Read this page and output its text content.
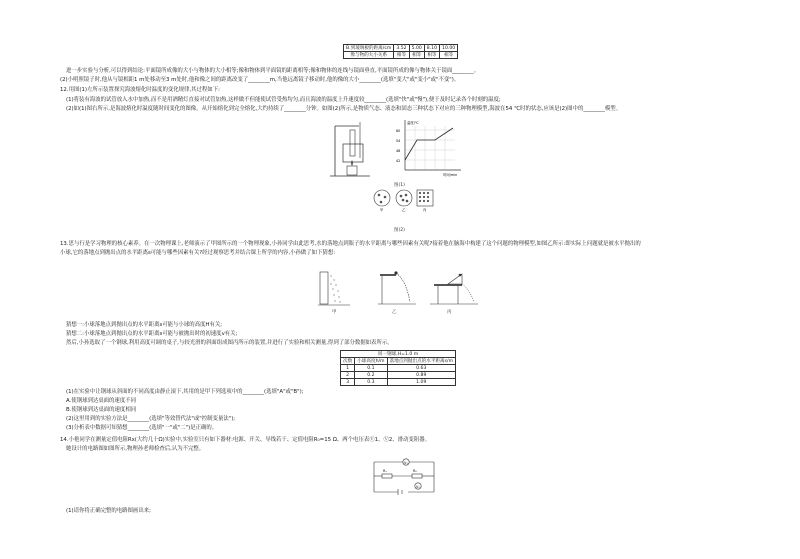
B.到玻璃板的距离/cm	3.52	5.00	8.10	10.00
像与物的大小关系	相等	相等	相等	相等
进一步实验与分析,可以得到结论:平面镜所成像的大小与物体的大小相等;像和物体到平面镜的距离相等;像和物体的连线与镜面垂直,平面镜所成的像与物体关于镜面________。
(2)小明照镜子时,他从与镜相距1 m处移动至3 m处时,他和像之间的距离改变了________m,当他远离镜子移动时,他的像的大小________(选填"变大"或"变小"或"不变")。
12.用图(1)左所示装置探究海波熔化时温度的变化规律,其过程如下:
(1)将装有海波的试管放入水中加热,而不是用酒精灯直接对试管加热,这样做不但能使试管受热均匀,而且海波的温度上升速度较________(选填"快"或"慢"),便于及时记录各个时刻的温度;
(2)如(1)图右所示,是海波熔化时温度随时间变化的图像。从开始熔化到完全熔化,大约持续了________分钟。如图(2)所示,是物质气态、液态和固态三种状态下对应的三种物理模型,海波在54 ℃时的状态,应该是(2)图中的________模型。
60
54
48
42
温度/℃
时间/min
图(1)
甲	乙	丙
图(2)
13.思与行是学习物理的核心素养。在一次物理课上,老师演示了甲图所示的一个物理现象,小孙同学由此思考,水的落地点到瓶子的水平距离与哪些因素有关呢?接着他在脑海中构建了这个问题的物理模型,如图乙所示:即实际上问题就是被水平抛出的
小球,它的落地点到抛出点的水平距离s可能与哪些因素有关?经过观察思考并结合课上所学的内容,小孙做了如下猜想:
甲	乙	丙
猜想一:小球落地点到抛出点的水平距离s可能与小球的高度H有关;
猜想二:小球落地点到抛出点的水平距离s可能与被抛出时的初速度v有关;
然后,小孙选取了一个钢球,利用高度可调的桌子,与较光滑的斜面组成图丙所示的装置,并进行了实验和相关测量,得到了部分数据如表所示。
同一钢球,H=1.0 m		
次数	小球高度h/m	落地点到抛出点的水平距离s/m
1	0.1	0.63
2	0.2	0.89
3	0.3	1.09
(1)在实验中让钢球从斜面的不同高度由静止滚下,其用的是甲下列选项中的________(选填"A"或"B");
A.使钢球到达桌面的速度不同
B.使钢球到达桌面的速度相同
(2)这里用到的实验方法是________(选填"等效替代法"或"控制变量法");
(3)分析表中数据可知猜想________(选填"一"或"二")是正确的。
14.小艳同学在测量定值电阻Rx(大约几十Ω)实验中,实验室只有如下器材:电源、开关、导线若干、定值电阻R₀=15 Ω、两个电压表Ⓥ1、Ⓥ2、滑动变阻器。
她设计的电路图如图所示,物理孙老师检查后,认为不完整。
V₁
V₂
Rₓ	R₀
(1)请你将正确完整的电路图画出来;
